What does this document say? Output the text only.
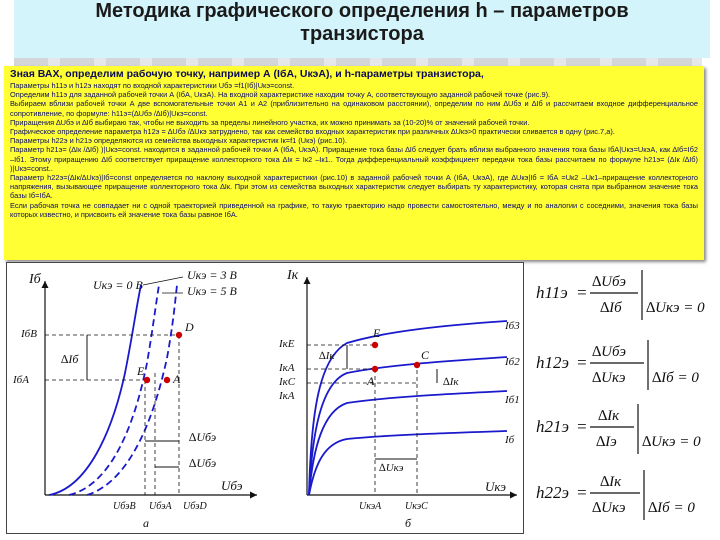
Методика графического определения h – параметров
транзистора
Зная ВАХ, определим рабочую точку, например А (IбА, UкэА), и h-параметры транзистора,

Параметры h11э и h12э находят по входной характеристики Uбэ =f1(Iб)|Uкэ=const.

Определим h11э для заданной рабочей точки А (IбА, UкэА). На входной характеристике находим точку А, соответствующую заданной рабочей точке (рис.9).

Выбираем вблизи рабочей точки А две вспомогательные точки А1 и А2 (приблизительно на одинаковом расстоянии), определим по ним ∆Uбэ и ∆Iб и рассчитаем входное дифференциальное сопротивление, по формуле: h11э=(∆Uбэ /∆Iб)|Uкэ=const.

Приращения ∆Uбэ и ∆Iб выбираю так, чтобы не выходить за пределы линейного участка, их можно принимать за (10-20)% от значений рабочей точки.

Графическое определение параметра h12э = ∆Uбэ /∆Uкэ затруднено, так как семейство входных характеристик при различных ∆Uкэ>0 практически сливается в одну (рис.7,а).

Параметры h22э и h21э определяются из семейства выходных характеристик Iк=f1 (Uкэ) (рис.10).

Параметр h21э= (∆Iк /∆Iб) )|Uкэ=const. находится в заданной рабочей точки А (IбА, UкэА). Приращение тока базы ∆Iб следует брать вблизи выбранного значения тока базы IбА|Uкэ=UкэА, как ∆Iб=Iб2 –Iб1. Этому приращению ∆Iб соответствует приращение коллекторного тока ∆Iк = Iк2 –Iк1.. Тогда дифференциальный коэффициент передачи тока базы рассчитаем по формуле h21э= (∆Iк /∆Iб) )|Uкэ=const..

Параметр h22э=(∆Iк/∆Uкэ)|Iб=const определяется по наклону выходной характеристики (рис.10) в заданной рабочей точки А (IбА, UкэА), где ∆Uкэ|Iб = IбА =Uк2 –Uк1–приращение коллекторного напряжения, вызывающее приращение коллекторного тока ∆Iк. При этом из семейства выходных характеристик следует выбирать ту характеристику, которая снята при выбранном значение тока базы Iб=IбА.

Если рабочая точка не совпадает ни с одной траекторией приведенной на графике, то такую траекторию надо провести самостоятельно, между и по аналогии с соседними, значения тока базы которых известно, и присвоить ей значение тока базы равное IбА.

Iб
Uбэ
Uкэ = 0 В
Uкэ = 3 В
Uкэ = 5 В
∆Iб
IбB
IбA
D
E
A
∆Uбэ
∆Uбэ
UбэB UбэA UбэD
а
Iк
Uкэ
Iб3
Iб2
Iб1
Iб
IкE
IкA
IкC
IкA
∆Iк
∆Iк
E
A
C
∆Uкэ
UкэA UкэC
б
h11э =
∆Uбэ
∆Iб ∆Uкэ = 0
h12э =
∆Uбэ
∆Uкэ ∆Iб = 0
h21э =
∆Iк
∆Iэ ∆Uкэ = 0
h22э =
∆Iк
∆Uкэ ∆Iб = 0
